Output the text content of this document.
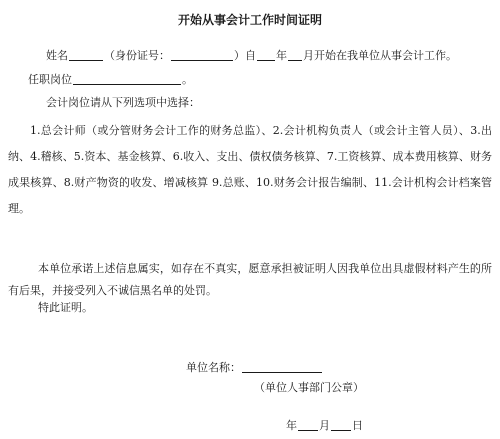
开始从事会计工作时间证明
姓名	（身份证号：	）自 年 月开始在我单位从事会计工作。
任职岗位	。
会计岗位请从下列选项中选择：
1.总会计师（或分管财务会计工作的财务总监）、2.会计机构负责人（或会计主管人员）、3.出纳、4.稽核、5.资本、基金核算、6.收入、支出、债权债务核算、7.工资核算、成本费用核算、财务成果核算、8.财产物资的收发、增减核算 9.总账、10.财务会计报告编制、11.会计机构会计档案管理。
本单位承诺上述信息属实，如存在不真实，愿意承担被证明人因我单位出具虚假材料产生的所有后果，并接受列入不诚信黑名单的处罚。
特此证明。
单位名称：
（单位人事部门公章）
年 月 日
